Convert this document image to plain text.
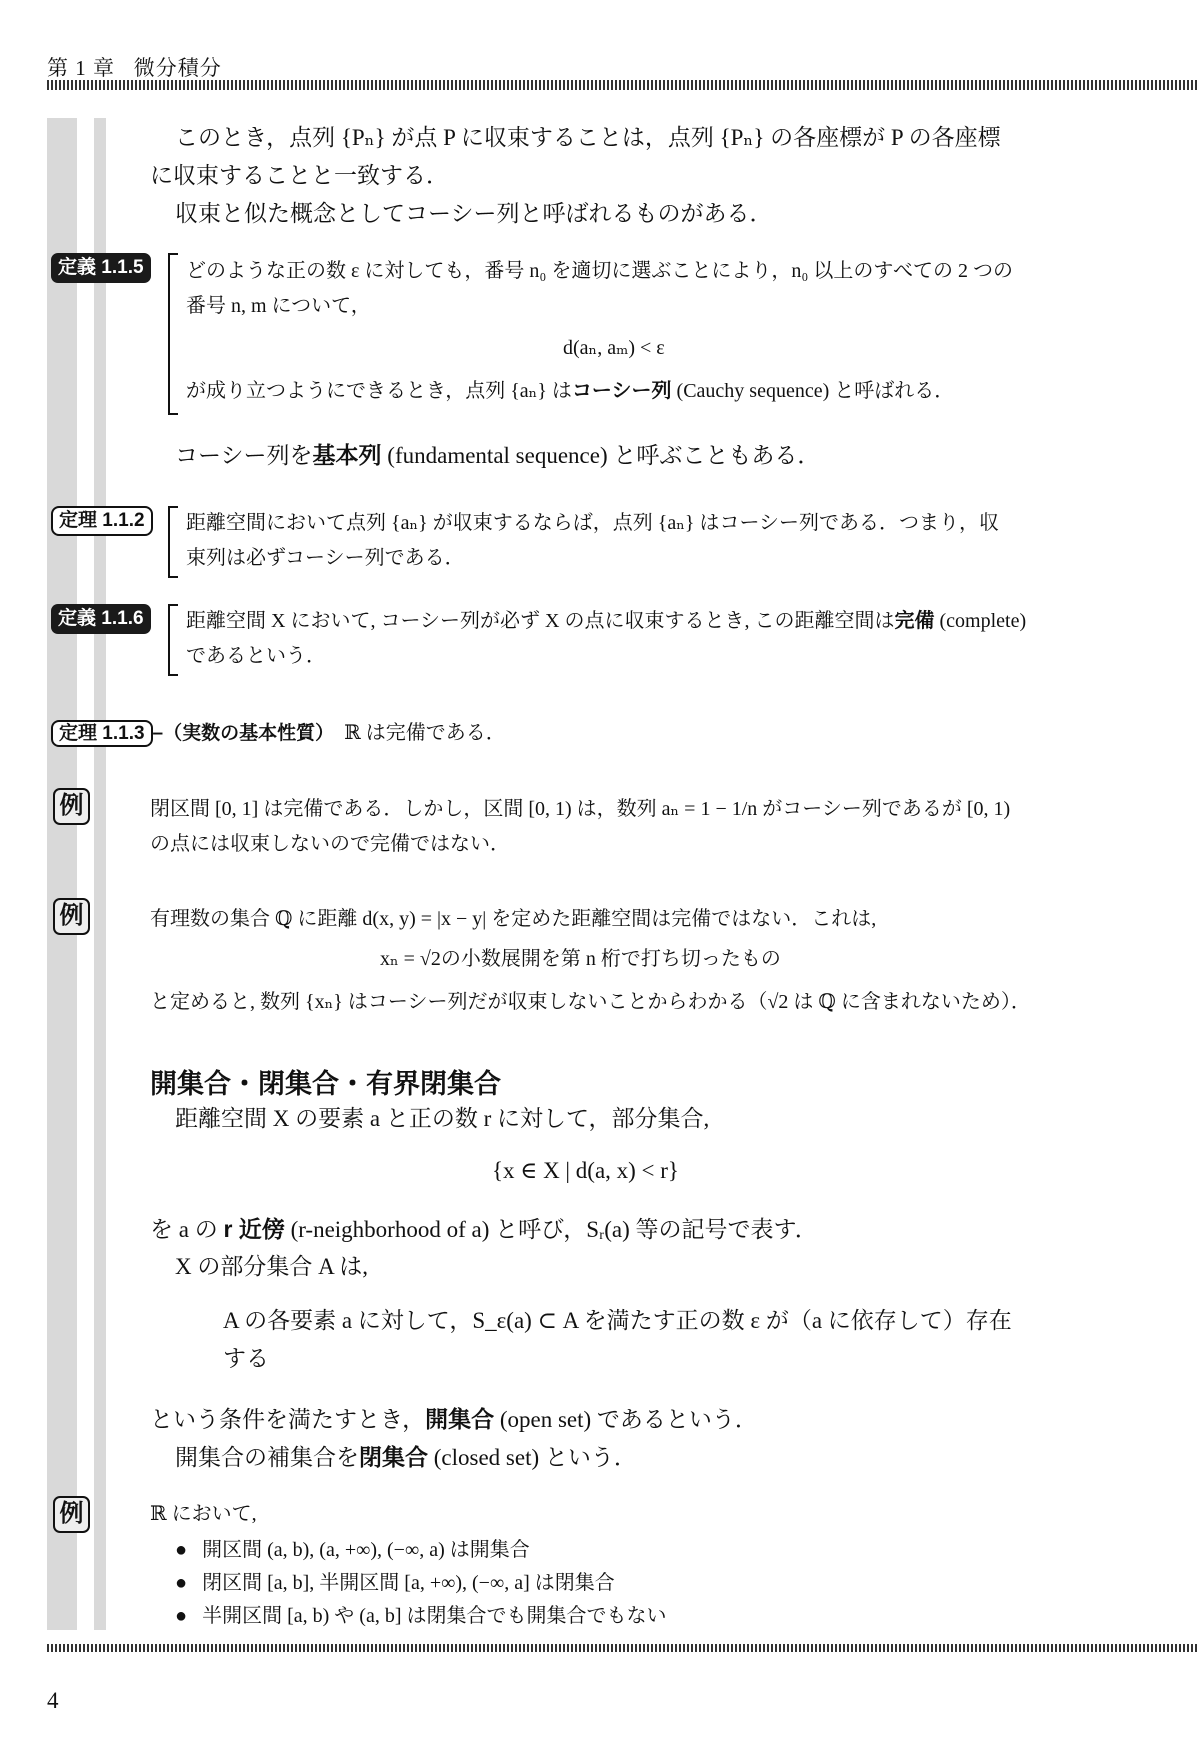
第 1 章 微分積分
このとき，点列 {Pₙ} が点 P に収束することは，点列 {Pₙ} の各座標が P の各座標
に収束することと一致する．
収束と似た概念としてコーシー列と呼ばれるものがある．
定義 1.1.5	どのような正の数 ε に対しても，番号 n₀ を適切に選ぶことにより，n₀ 以上のすべての 2 つの
番号 n, m について，
d(aₙ, aₘ) < ε
が成り立つようにできるとき，点列 {aₙ} はコーシー列 (Cauchy sequence) と呼ばれる．
コーシー列を基本列 (fundamental sequence) と呼ぶこともある．
定理 1.1.2	距離空間において点列 {aₙ} が収束するならば，点列 {aₙ} はコーシー列である．つまり，収
束列は必ずコーシー列である．
定義 1.1.6	距離空間 X において, コーシー列が必ず X の点に収束するとき, この距離空間は完備 (complete)
であるという．
定理 1.1.3 –（実数の基本性質） ℝ は完備である．
例	閉区間 [0, 1] は完備である．しかし，区間 [0, 1) は，数列 aₙ = 1 − 1/n がコーシー列であるが [0, 1)
の点には収束しないので完備ではない．
例	有理数の集合 ℚ に距離 d(x, y) = |x − y| を定めた距離空間は完備ではない．これは,
xₙ = √2の小数展開を第 n 桁で打ち切ったもの
と定めると, 数列 {xₙ} はコーシー列だが収束しないことからわかる（√2 は ℚ に含まれないため）．
開集合・閉集合・有界閉集合
距離空間 X の要素 a と正の数 r に対して，部分集合,
{x ∈ X | d(a, x) < r}
を a の r 近傍 (r-neighborhood of a) と呼び，Sᵣ(a) 等の記号で表す．
X の部分集合 A は,
A の各要素 a に対して，S_ε(a) ⊂ A を満たす正の数 ε が（a に依存して）存在
する
という条件を満たすとき，開集合 (open set) であるという．
開集合の補集合を閉集合 (closed set) という．
例	ℝ において,
● 開区間 (a, b), (a, +∞), (−∞, a) は開集合
● 閉区間 [a, b], 半開区間 [a, +∞), (−∞, a] は閉集合
● 半開区間 [a, b) や (a, b] は閉集合でも開集合でもない
4
